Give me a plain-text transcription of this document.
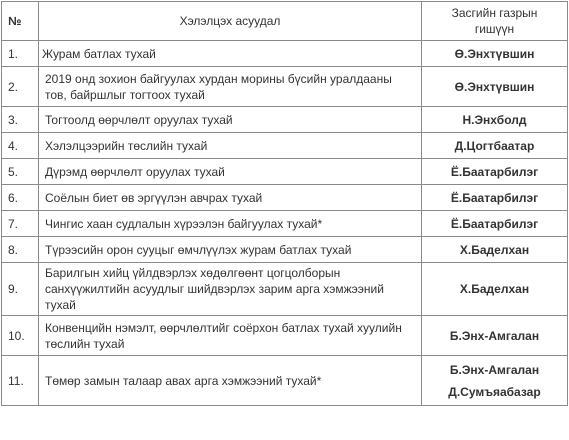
№	Хэлэлцэх асуудал	Засгийн газрын
гишүүн

1.	Журам батлах тухай	Ө.Энхтүвшин

2.	2019 онд зохион байгуулах хурдан морины бүсийн уралдааны тов, байршлыг тогтоох тухай	Ө.Энхтүвшин

3.	Тогтоолд өөрчлөлт оруулах тухай	Н.Энхболд

4.	Хэлэлцээрийн төслийн тухай	Д.Цогтбаатар

5.	Дүрэмд өөрчлөлт оруулах тухай	Ё.Баатарбилэг

6.	Соёлын биет өв эргүүлэн авчрах тухай	Ё.Баатарбилэг

7.	Чингис хаан судлалын хүрээлэн байгуулах тухай*	Ё.Баатарбилэг

8.	Түрээсийн орон сууцыг өмчлүүлэх журам батлах тухай	Х.Баделхан

9.	Барилгын хийц үйлдвэрлэх хөдөлгөөнт цогцолборын санхүүжилтийн асуудлыг шийдвэрлэх зарим арга хэмжээний тухай	Х.Баделхан

10.	Конвенцийн нэмэлт, өөрчлөлтийг соёрхон батлах тухай хуулийн төслийн тухай	Б.Энх-Амгалан

11.	Төмөр замын талаар авах арга хэмжээний тухай*	Б.Энх-Амгалан
Д.Сумъяабазар
